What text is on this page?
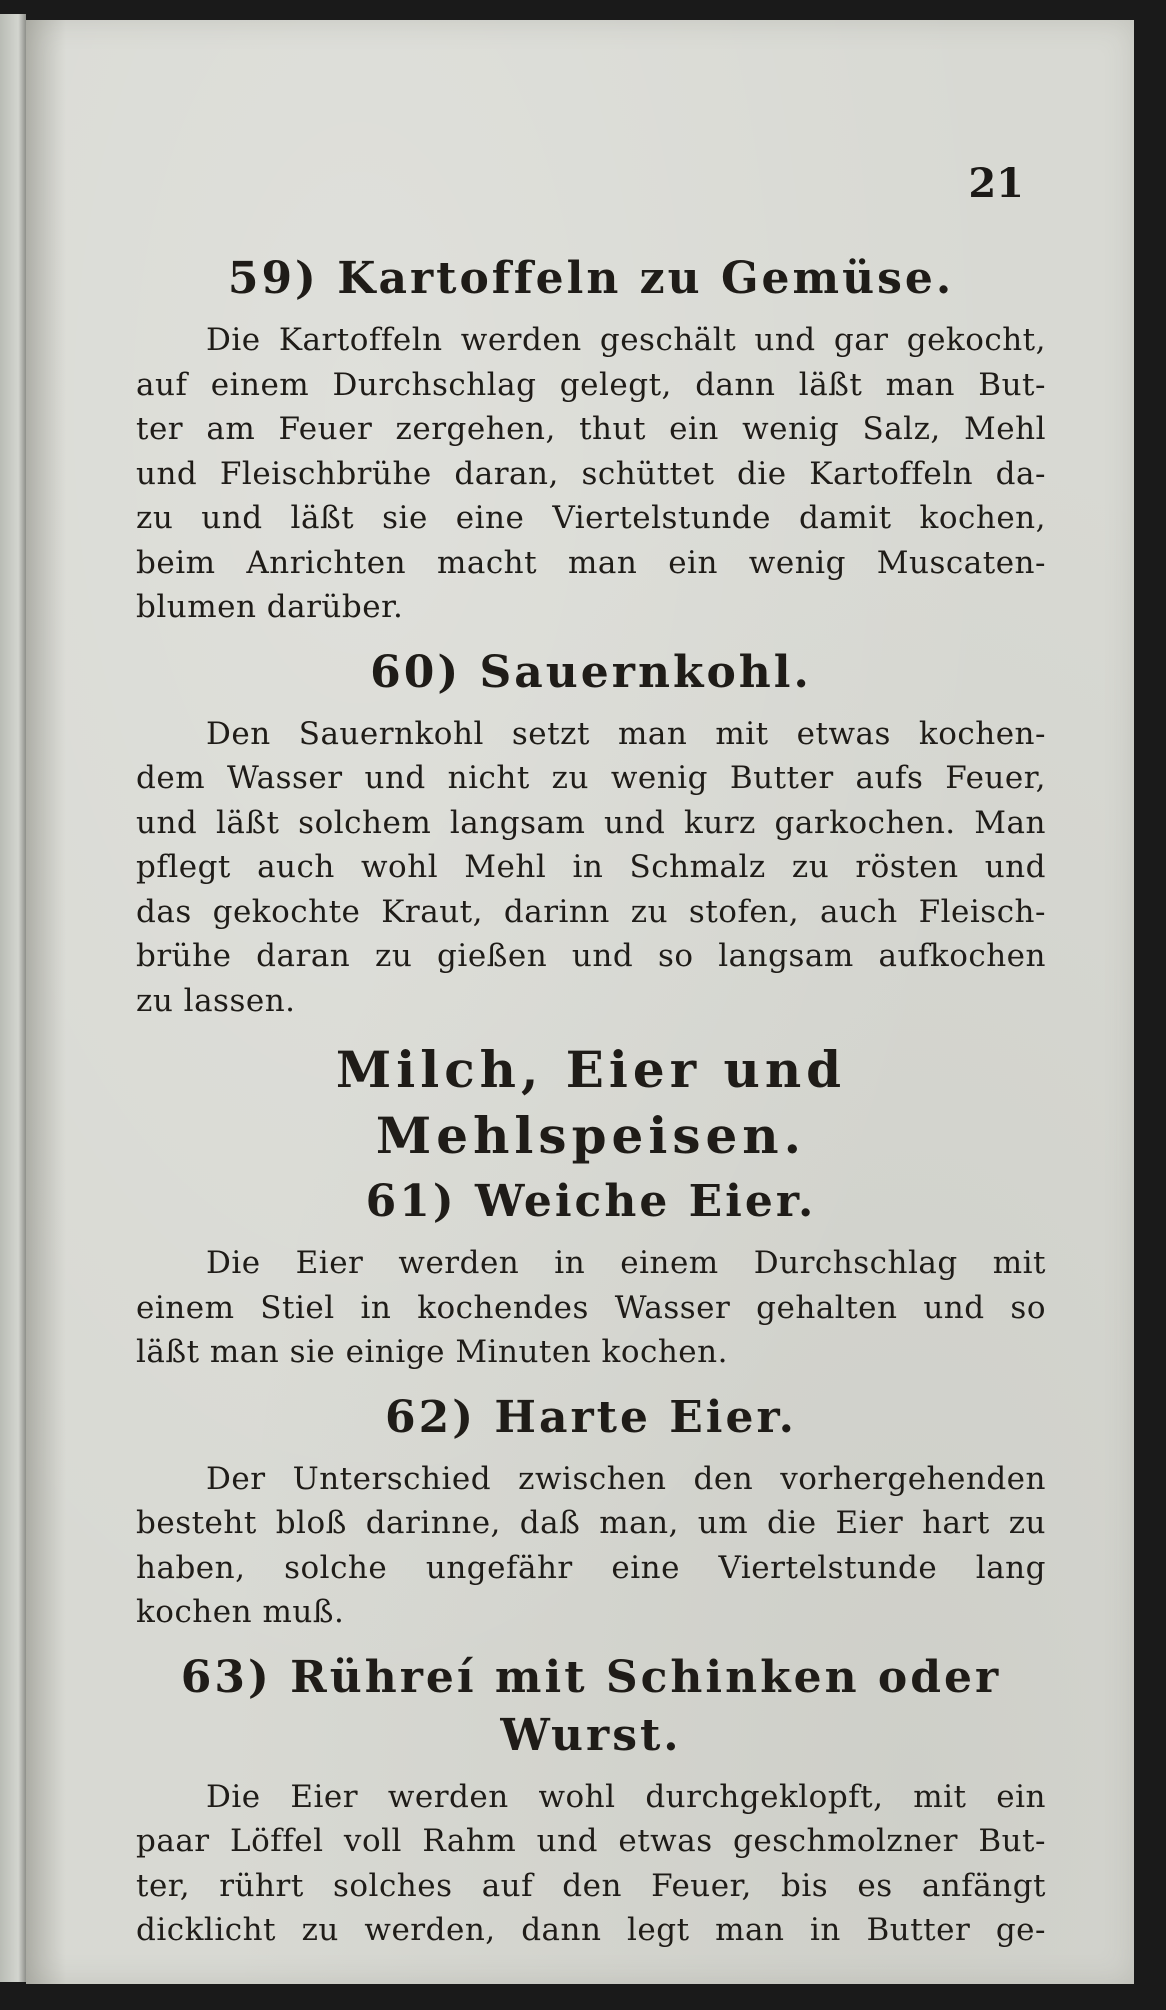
21
59) Kartoffeln zu Gemüse.
Die Kartoffeln werden geschält und gar gekocht,
auf einem Durchschlag gelegt, dann läßt man But-
ter am Feuer zergehen, thut ein wenig Salz, Mehl
und Fleischbrühe daran, schüttet die Kartoffeln da-
zu und läßt sie eine Viertelstunde damit kochen,
beim Anrichten macht man ein wenig Muscaten-
blumen darüber.
60) Sauernkohl.
Den Sauernkohl setzt man mit etwas kochen-
dem Wasser und nicht zu wenig Butter aufs Feuer,
und läßt solchem langsam und kurz garkochen. Man
pflegt auch wohl Mehl in Schmalz zu rösten und
das gekochte Kraut, darinn zu stofen, auch Fleisch-
brühe daran zu gießen und so langsam aufkochen
zu lassen.
Milch, Eier und Mehlspeisen.
61) Weiche Eier.
Die Eier werden in einem Durchschlag mit
einem Stiel in kochendes Wasser gehalten und so
läßt man sie einige Minuten kochen.
62) Harte Eier.
Der Unterschied zwischen den vorhergehenden
besteht bloß darinne, daß man, um die Eier hart zu
haben, solche ungefähr eine Viertelstunde lang
kochen muß.
63) Rühreí mit Schinken oder Wurst.
Die Eier werden wohl durchgeklopft, mit ein
paar Löffel voll Rahm und etwas geschmolzner But-
ter, rührt solches auf den Feuer, bis es anfängt
dicklicht zu werden, dann legt man in Butter ge-
